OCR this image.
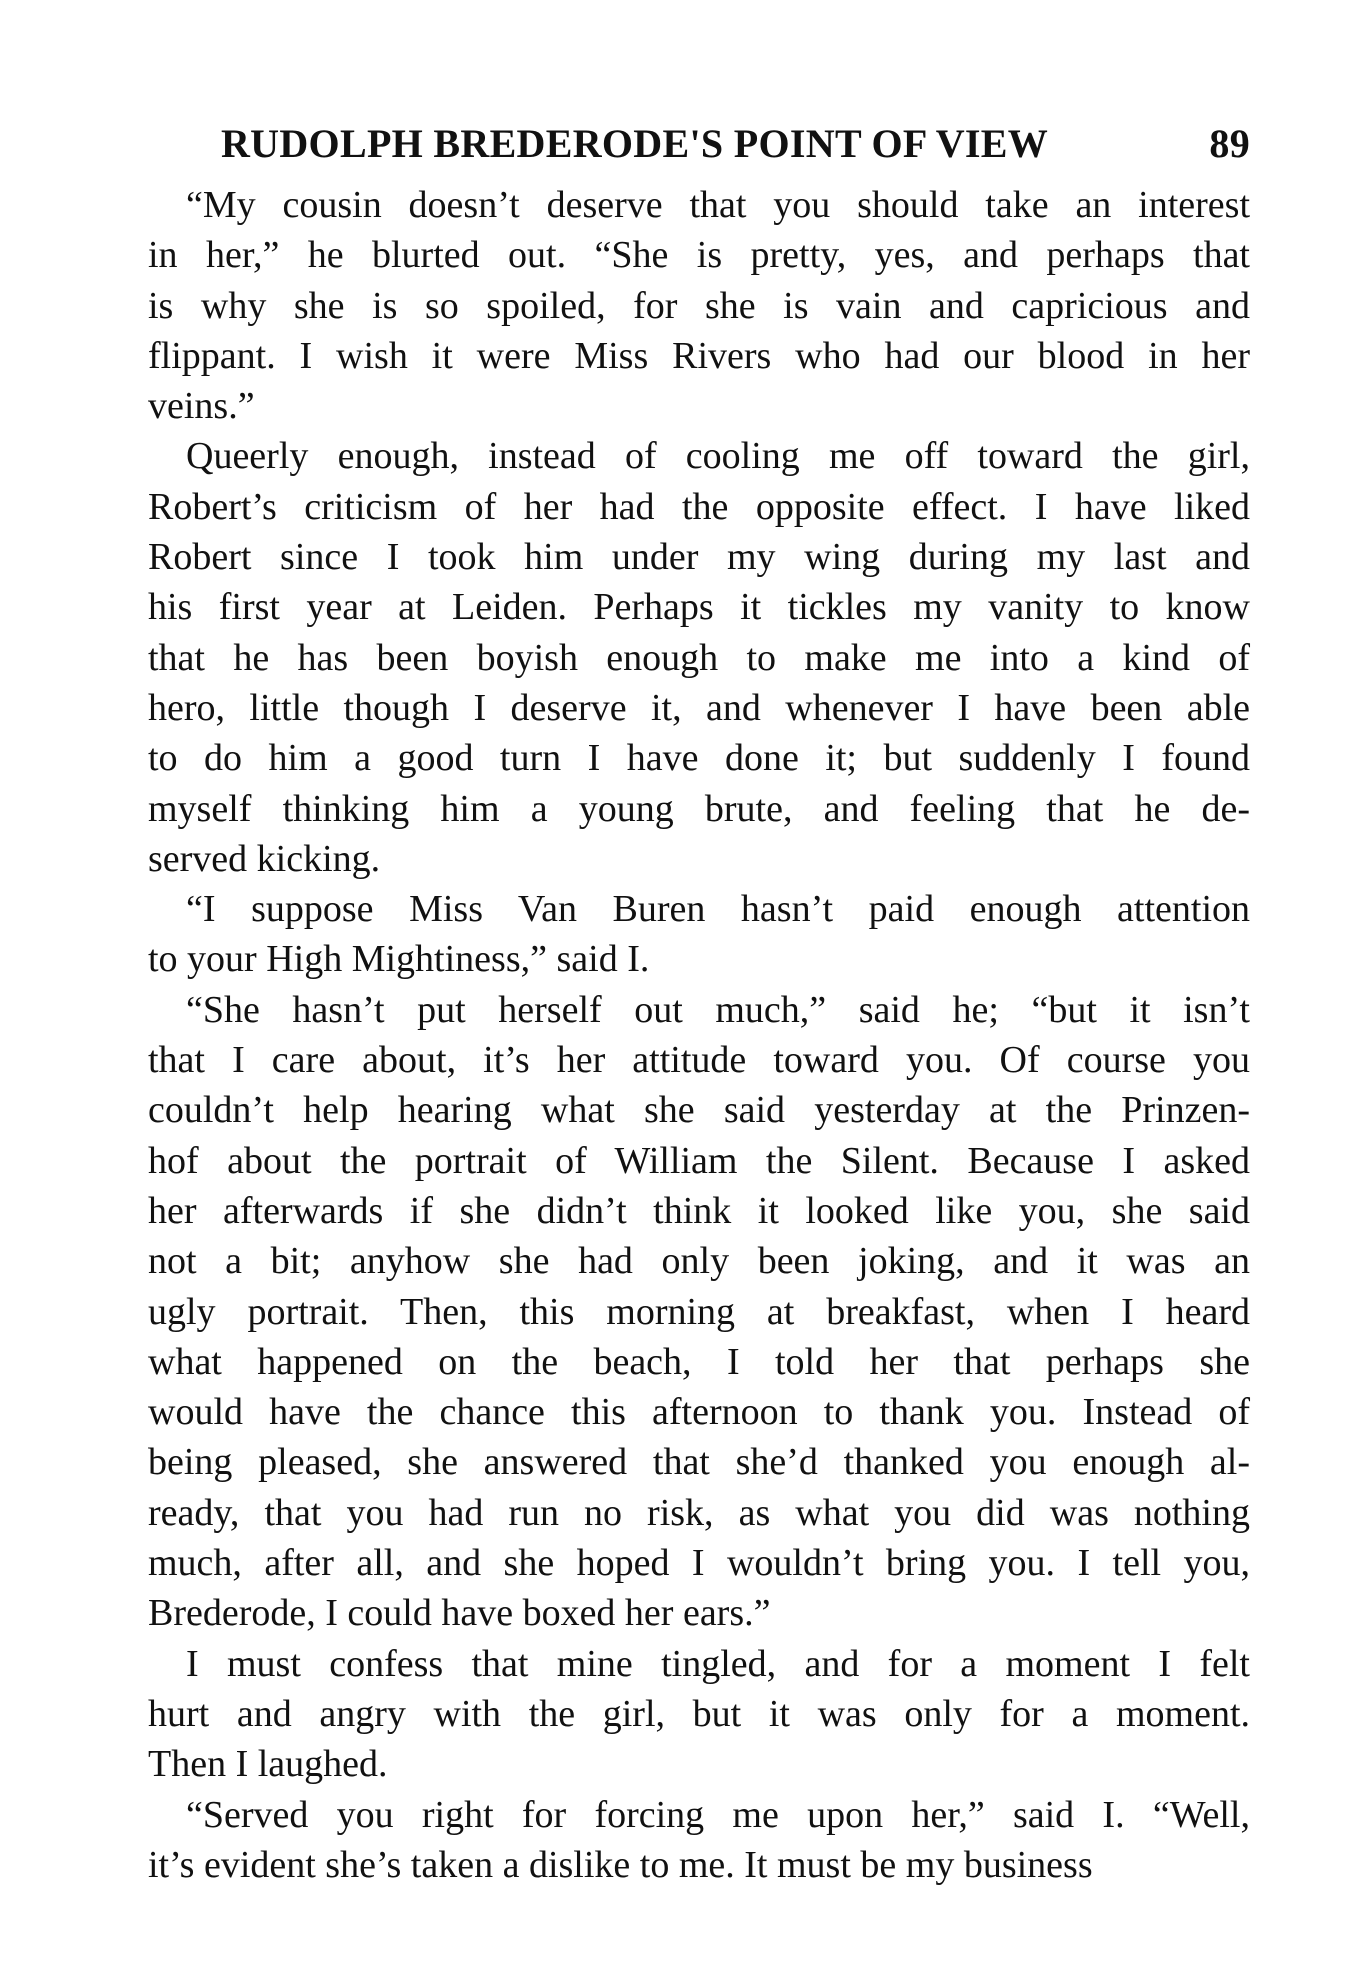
RUDOLPH BREDERODE'S POINT OF VIEW	89
“My cousin doesn’t deserve that you should take an interest
in her,” he blurted out. “She is pretty, yes, and perhaps that
is why she is so spoiled, for she is vain and capricious and
flippant. I wish it were Miss Rivers who had our blood in her
veins.”
Queerly enough, instead of cooling me off toward the girl,
Robert’s criticism of her had the opposite effect. I have liked
Robert since I took him under my wing during my last and
his first year at Leiden. Perhaps it tickles my vanity to know
that he has been boyish enough to make me into a kind of
hero, little though I deserve it, and whenever I have been able
to do him a good turn I have done it; but suddenly I found
myself thinking him a young brute, and feeling that he de-
served kicking.
“I suppose Miss Van Buren hasn’t paid enough attention
to your High Mightiness,” said I.
“She hasn’t put herself out much,” said he; “but it isn’t
that I care about, it’s her attitude toward you. Of course you
couldn’t help hearing what she said yesterday at the Prinzen-
hof about the portrait of William the Silent. Because I asked
her afterwards if she didn’t think it looked like you, she said
not a bit; anyhow she had only been joking, and it was an
ugly portrait. Then, this morning at breakfast, when I heard
what happened on the beach, I told her that perhaps she
would have the chance this afternoon to thank you. Instead of
being pleased, she answered that she’d thanked you enough al-
ready, that you had run no risk, as what you did was nothing
much, after all, and she hoped I wouldn’t bring you. I tell you,
Brederode, I could have boxed her ears.”
I must confess that mine tingled, and for a moment I felt
hurt and angry with the girl, but it was only for a moment.
Then I laughed.
“Served you right for forcing me upon her,” said I. “Well,
it’s evident she’s taken a dislike to me. It must be my business
